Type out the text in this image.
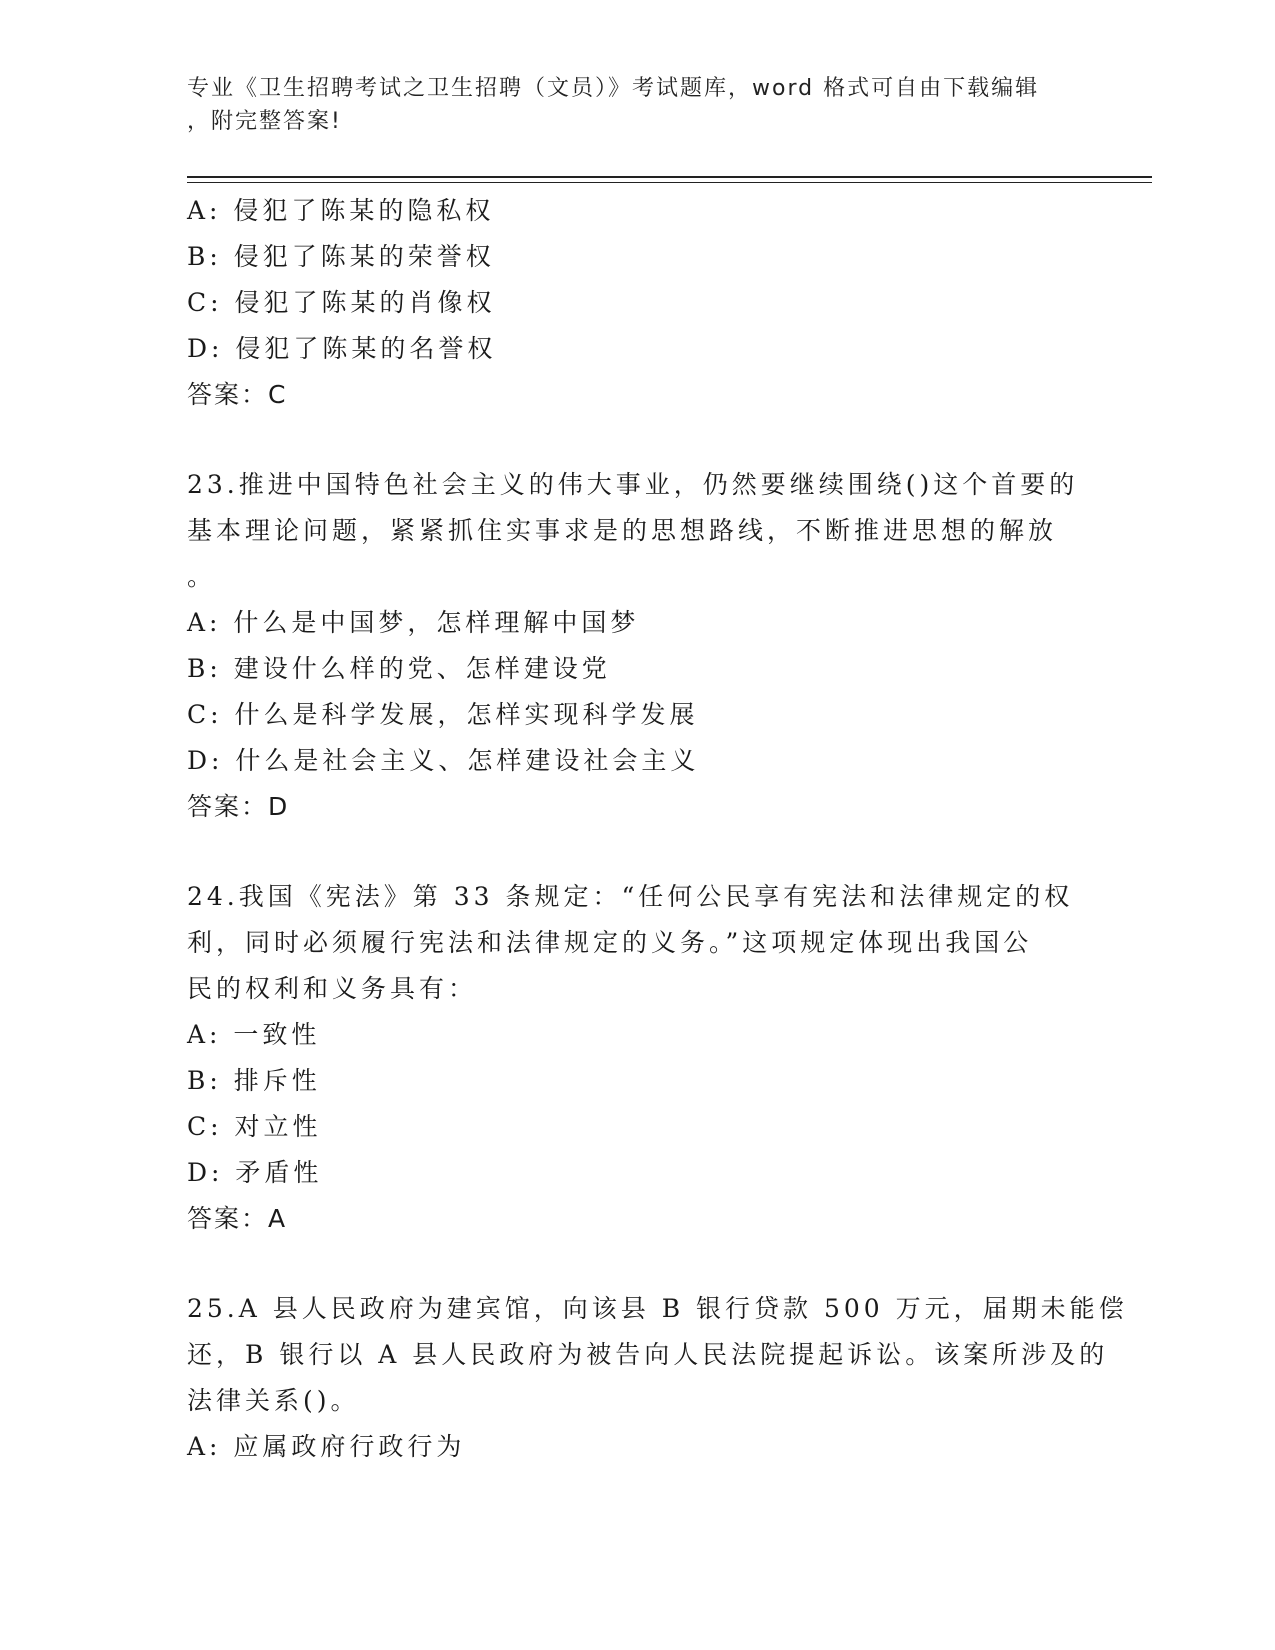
专业《卫生招聘考试之卫生招聘（文员）》考试题库，word 格式可自由下载编辑
，附完整答案!
A: 侵犯了陈某的隐私权
B: 侵犯了陈某的荣誉权
C: 侵犯了陈某的肖像权
D: 侵犯了陈某的名誉权
答案：C
23.推进中国特色社会主义的伟大事业，仍然要继续围绕()这个首要的
基本理论问题，紧紧抓住实事求是的思想路线，不断推进思想的解放
。
A: 什么是中国梦，怎样理解中国梦
B: 建设什么样的党、怎样建设党
C: 什么是科学发展，怎样实现科学发展
D: 什么是社会主义、怎样建设社会主义
答案：D
24.我国《宪法》第 33 条规定：“任何公民享有宪法和法律规定的权
利，同时必须履行宪法和法律规定的义务。”这项规定体现出我国公
民的权利和义务具有：
A: 一致性
B: 排斥性
C: 对立性
D: 矛盾性
答案：A
25.A 县人民政府为建宾馆，向该县 B 银行贷款 500 万元，届期未能偿
还，B 银行以 A 县人民政府为被告向人民法院提起诉讼。该案所涉及的
法律关系()。
A: 应属政府行政行为
